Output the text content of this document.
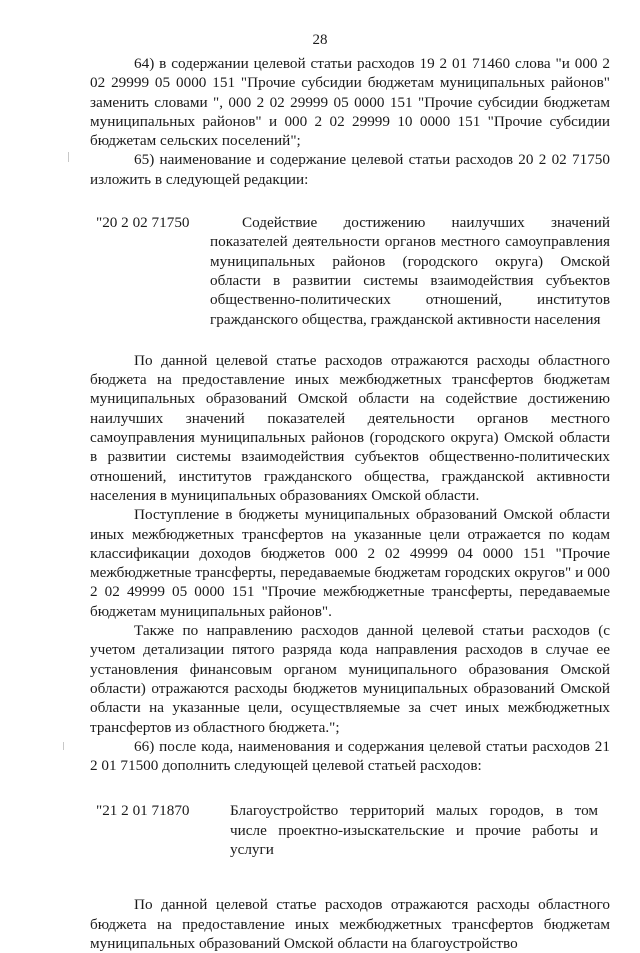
28

64) в содержании целевой статьи расходов 19 2 01 71460 слова "и 000 2 02 29999 05 0000 151 "Прочие субсидии бюджетам муниципальных районов" заменить словами ", 000 2 02 29999 05 0000 151 "Прочие субсидии бюджетам муниципальных районов" и 000 2 02 29999 10 0000 151 "Прочие субсидии бюджетам сельских поселений";

65) наименование и содержание целевой статьи расходов 20 2 02 71750 изложить в следующей редакции:

"20 2 02 71750	Содействие достижению наилучших значений показателей деятельности органов местного самоуправления муниципальных районов (городского округа) Омской области в развитии системы взаимодействия субъектов общественно-политических отношений, институтов гражданского общества, гражданской активности населения

По данной целевой статье расходов отражаются расходы областного бюджета на предоставление иных межбюджетных трансфертов бюджетам муниципальных образований Омской области на содействие достижению наилучших значений показателей деятельности органов местного самоуправления муниципальных районов (городского округа) Омской области в развитии системы взаимодействия субъектов общественно-политических отношений, институтов гражданского общества, гражданской активности населения в муниципальных образованиях Омской области.

Поступление в бюджеты муниципальных образований Омской области иных межбюджетных трансфертов на указанные цели отражается по кодам классификации доходов бюджетов 000 2 02 49999 04 0000 151 "Прочие межбюджетные трансферты, передаваемые бюджетам городских округов" и 000 2 02 49999 05 0000 151 "Прочие межбюджетные трансферты, передаваемые бюджетам муниципальных районов".

Также по направлению расходов данной целевой статьи расходов (с учетом детализации пятого разряда кода направления расходов в случае ее установления финансовым органом муниципального образования Омской области) отражаются расходы бюджетов муниципальных образований Омской области на указанные цели, осуществляемые за счет иных межбюджетных трансфертов из областного бюджета.";

66) после кода, наименования и содержания целевой статьи расходов 21 2 01 71500 дополнить следующей целевой статьей расходов:

"21 2 01 71870	Благоустройство территорий малых городов, в том числе проектно-изыскательские и прочие работы и услуги

По данной целевой статье расходов отражаются расходы областного бюджета на предоставление иных межбюджетных трансфертов бюджетам муниципальных образований Омской области на благоустройство
